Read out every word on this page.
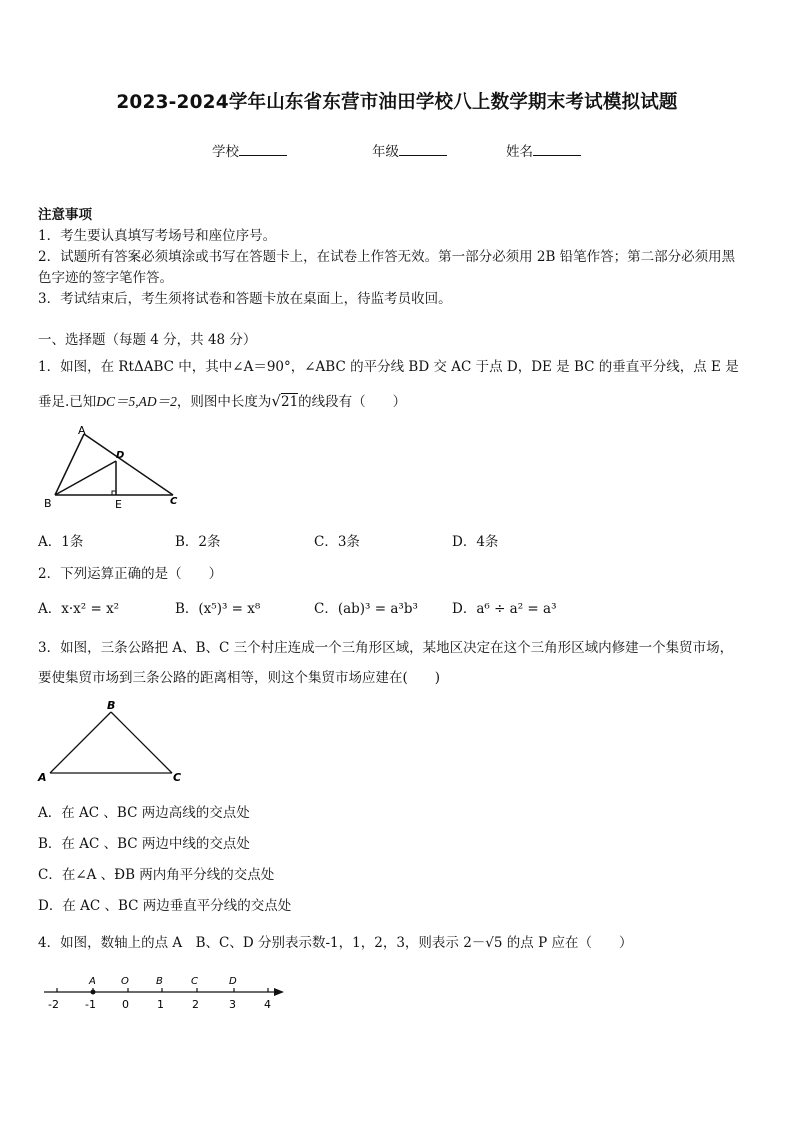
2023-2024学年山东省东营市油田学校八上数学期末考试模拟试题
学校	年级	姓名
注意事项
1．考生要认真填写考场号和座位序号。
2．试题所有答案必须填涂或书写在答题卡上，在试卷上作答无效。第一部分必须用 2B 铅笔作答；第二部分必须用黑
色字迹的签字笔作答。
3．考试结束后，考生须将试卷和答题卡放在桌面上，待监考员收回。
一、选择题（每题 4 分，共 48 分）
1．如图，在 RtΔABC 中，其中∠A＝90°，∠ABC 的平分线 BD 交 AC 于点 D，DE 是 BC 的垂直平分线，点 E 是
垂足.已知DC＝5,AD＝2，则图中长度为√21的线段有（　　）
A
B	C
D
E
A．1条	B．2条	C．3条	D．4条
2．下列运算正确的是（　　）
A．x·x² = x²	B．(x⁵)³ = x⁸	C．(ab)³ = a³b³	D．a⁶ ÷ a² = a³
3．如图，三条公路把 A、B、C 三个村庄连成一个三角形区域，某地区决定在这个三角形区域内修建一个集贸市场，
要使集贸市场到三条公路的距离相等，则这个集贸市场应建在(　　)
B
A	C
A．在 AC 、BC 两边高线的交点处
B．在 AC 、BC 两边中线的交点处
C．在∠A 、ÐB 两内角平分线的交点处
D．在 AC 、BC 两边垂直平分线的交点处
4．如图，数轴上的点 A　B、C、D 分别表示数-1，1，2，3，则表示 2－√5 的点 P 应在（　　）
A	O	B	C	D
-2 -1 0	1	2	3	4
